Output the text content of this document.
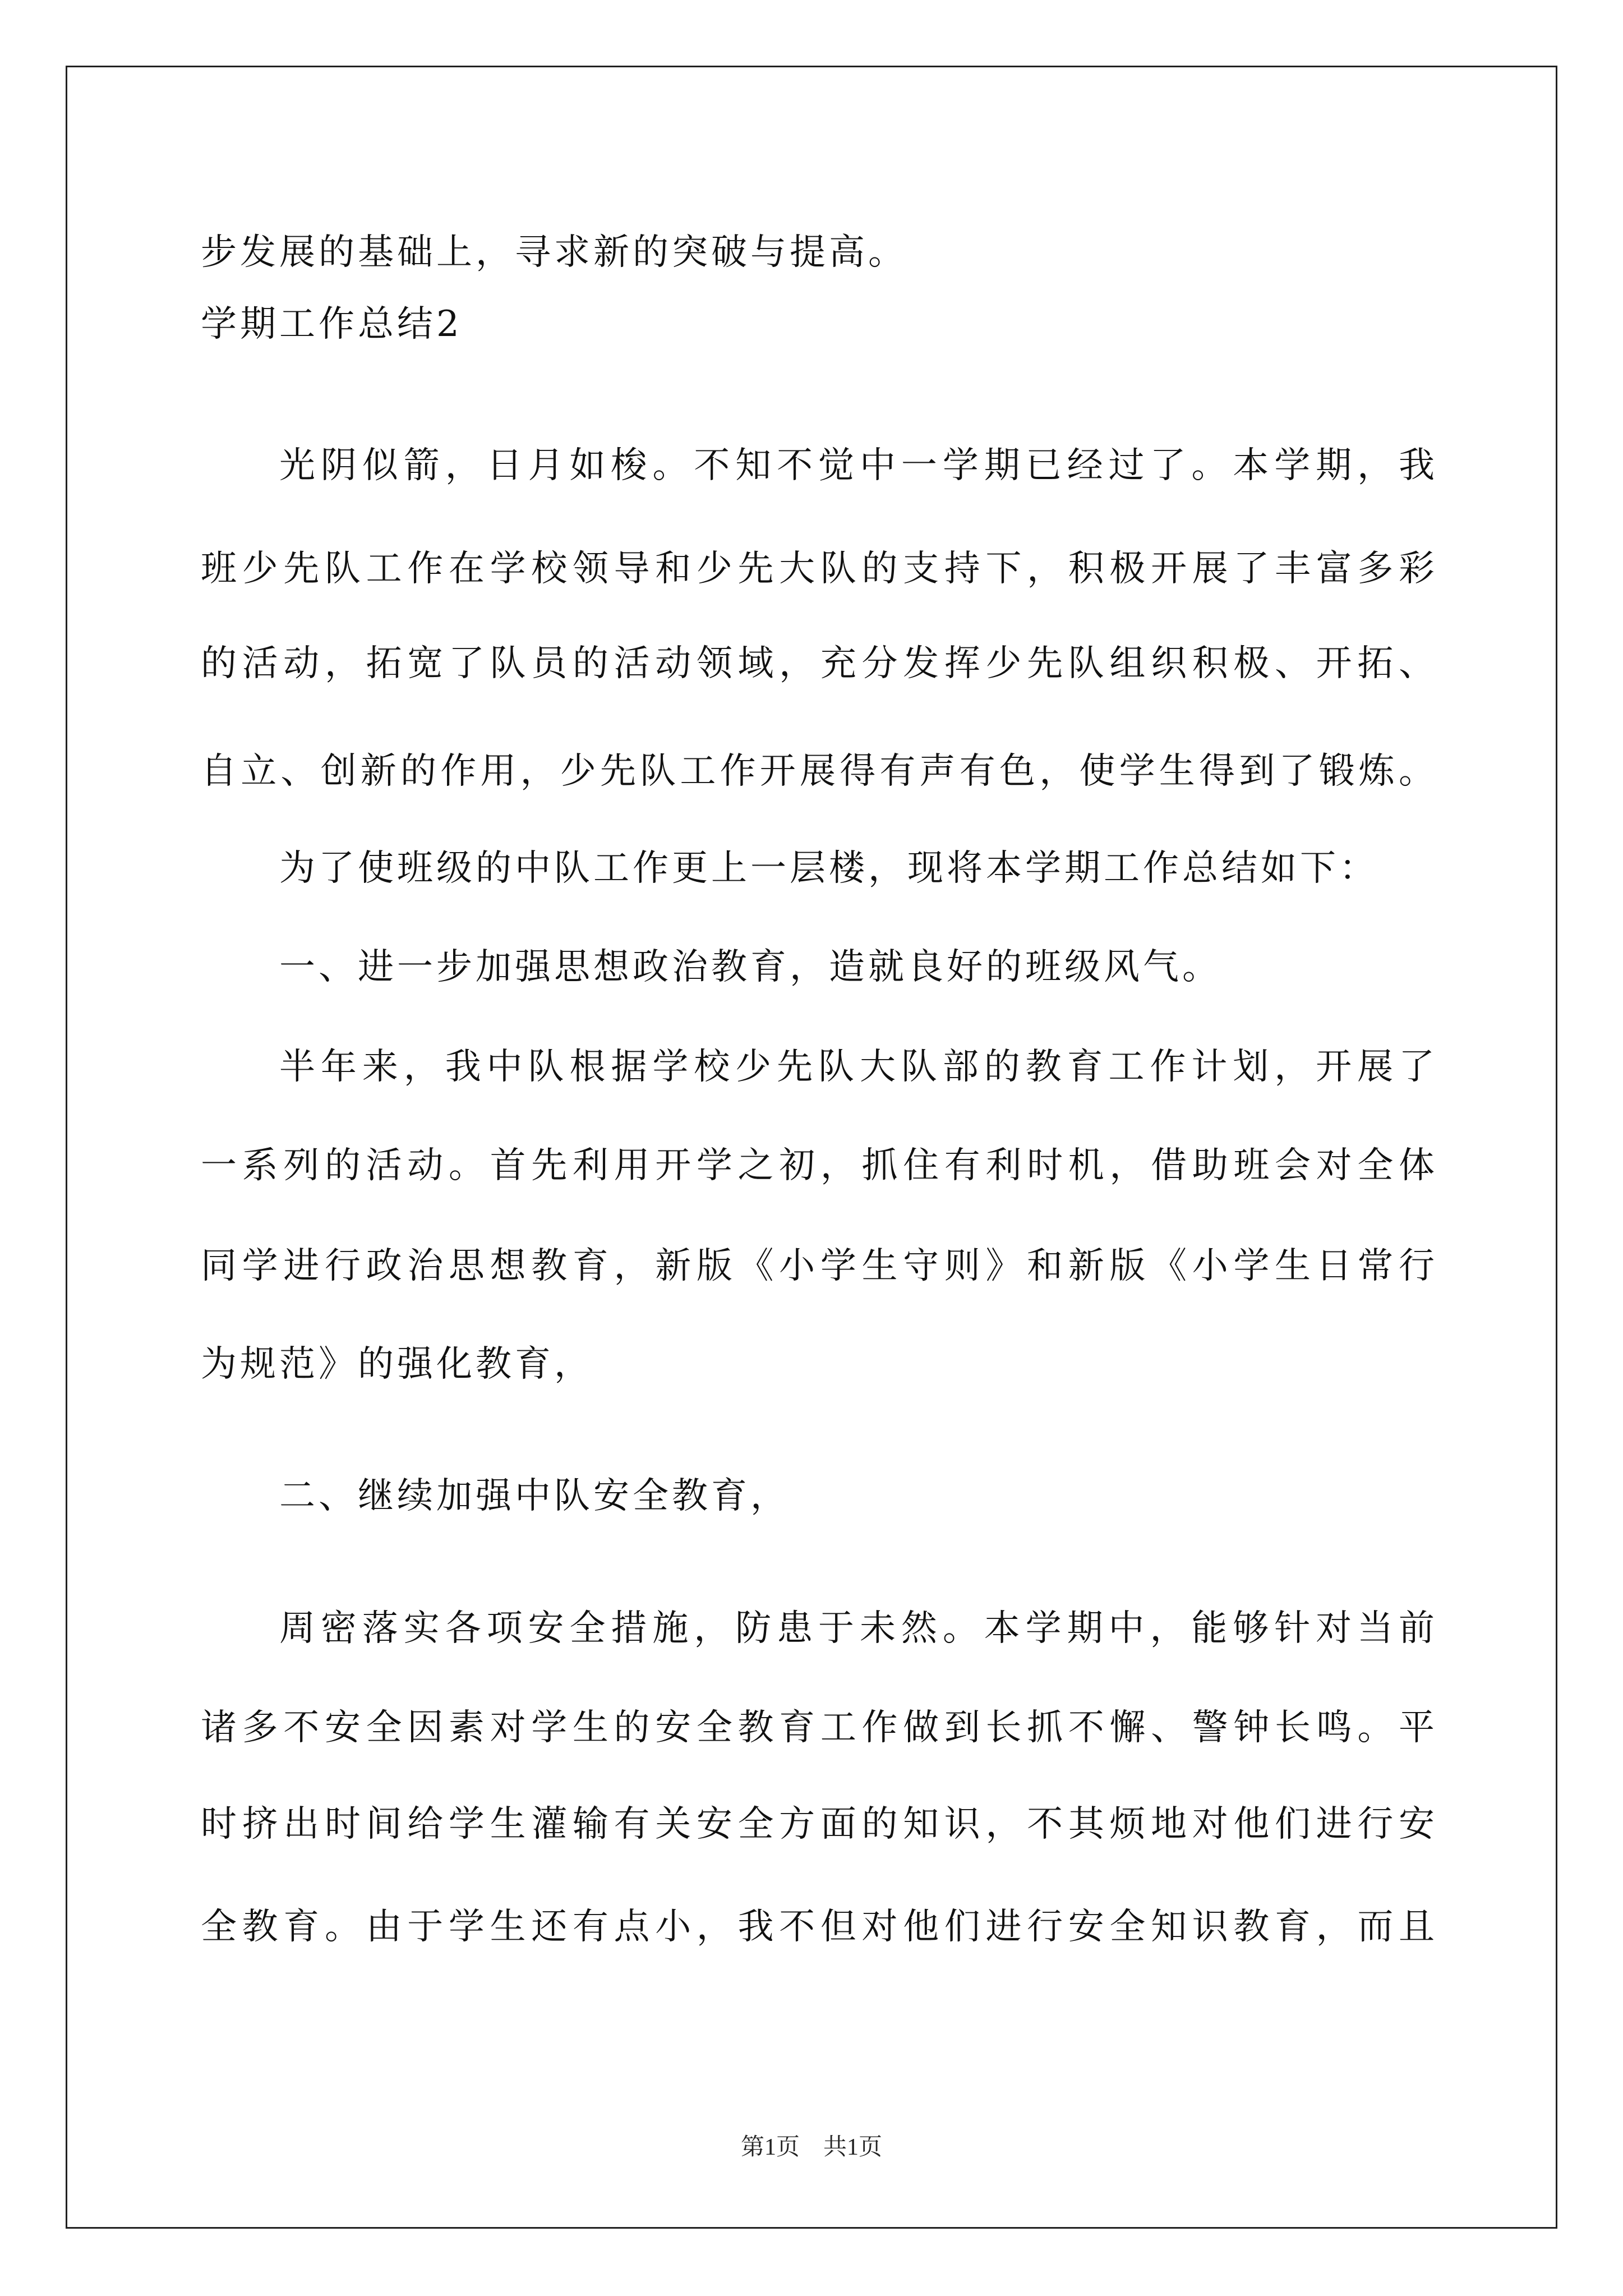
步发展的基础上，寻求新的突破与提高。

学期工作总结2

光阴似箭，日月如梭。不知不觉中一学期已经过了。本学期，我

班少先队工作在学校领导和少先大队的支持下，积极开展了丰富多彩

的活动，拓宽了队员的活动领域，充分发挥少先队组织积极、开拓、

自立、创新的作用，少先队工作开展得有声有色，使学生得到了锻炼。

为了使班级的中队工作更上一层楼，现将本学期工作总结如下：

一、进一步加强思想政治教育，造就良好的班级风气。

半年来，我中队根据学校少先队大队部的教育工作计划，开展了

一系列的活动。首先利用开学之初，抓住有利时机，借助班会对全体

同学进行政治思想教育，新版《小学生守则》和新版《小学生日常行

为规范》的强化教育，

二、继续加强中队安全教育，

周密落实各项安全措施，防患于未然。本学期中，能够针对当前

诸多不安全因素对学生的安全教育工作做到长抓不懈、警钟长鸣。平

时挤出时间给学生灌输有关安全方面的知识，不其烦地对他们进行安

全教育。由于学生还有点小，我不但对他们进行安全知识教育，而且

第1页　共1页
